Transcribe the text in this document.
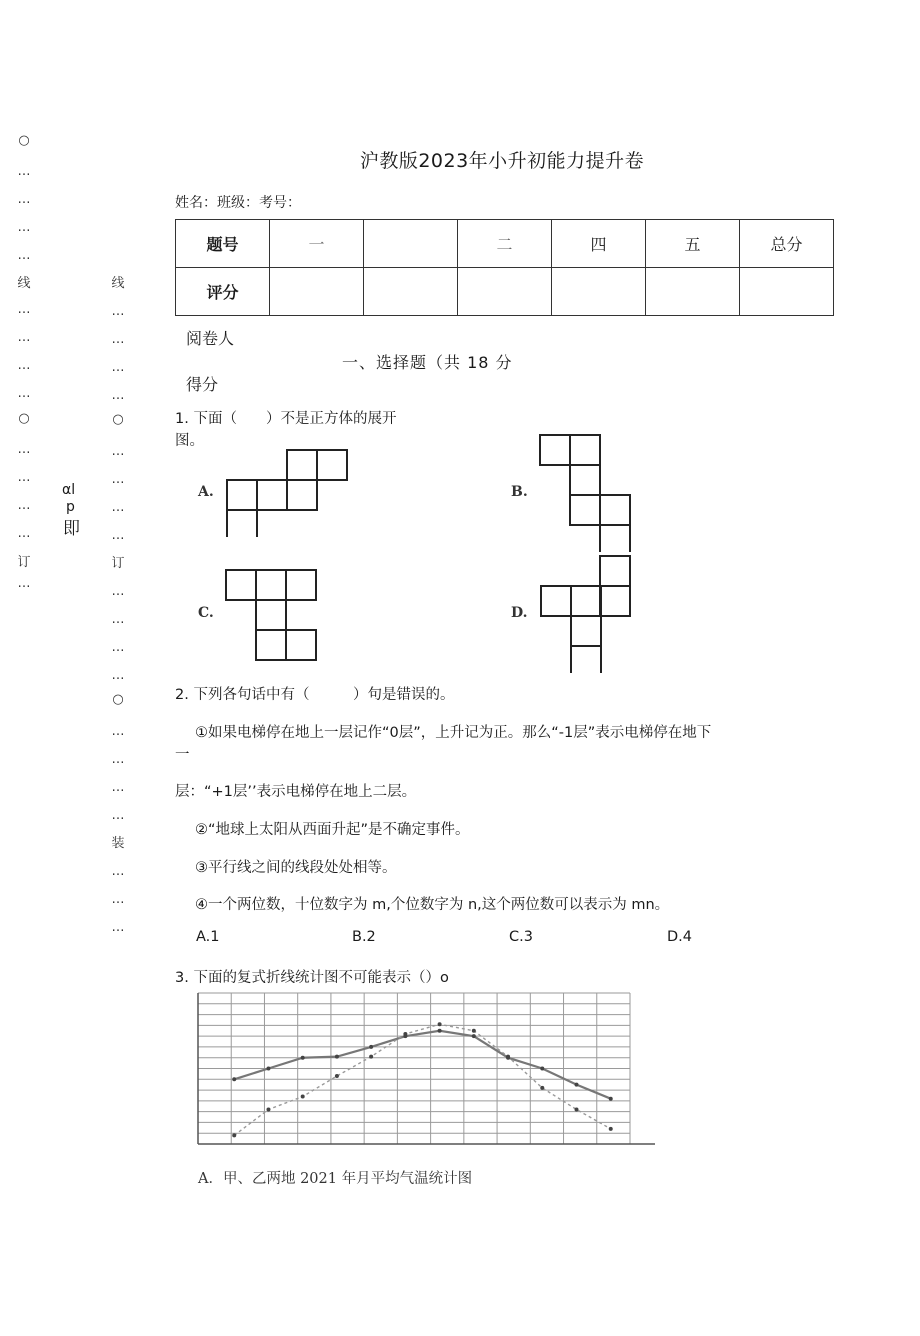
○
…
…
…
…
线
…
…
…
…
○
…
…
…
…
订
…
线
…
…
…
…
○
…
…
…
…
订
…
…
…
…
○
…
…
…
…
装
…
…
…
αl
p
即
沪教版2023年小升初能力提升卷
姓名：班级：考号：
题号	一		二	四	五	总分
评分						
阅卷人
一、选择题（共 18 分
得分
1. 下面（　　）不是正方体的展开
图。
A.	B.
C.	D.
2. 下列各句话中有（　　　）句是错误的。
①如果电梯停在地上一层记作“0层”，上升记为正。那么“-1层”表示电梯停在地下
一
层：“+1层’’表示电梯停在地上二层。
②“地球上太阳从西面升起”是不确定事件。
③平行线之间的线段处处相等。
④一个两位数，十位数字为 m,个位数字为 n,这个两位数可以表示为 mn。
A.1	B.2	C.3	D.4
3. 下面的复式折线统计图不可能表示（）o
A．甲、乙两地 2021 年月平均气温统计图
